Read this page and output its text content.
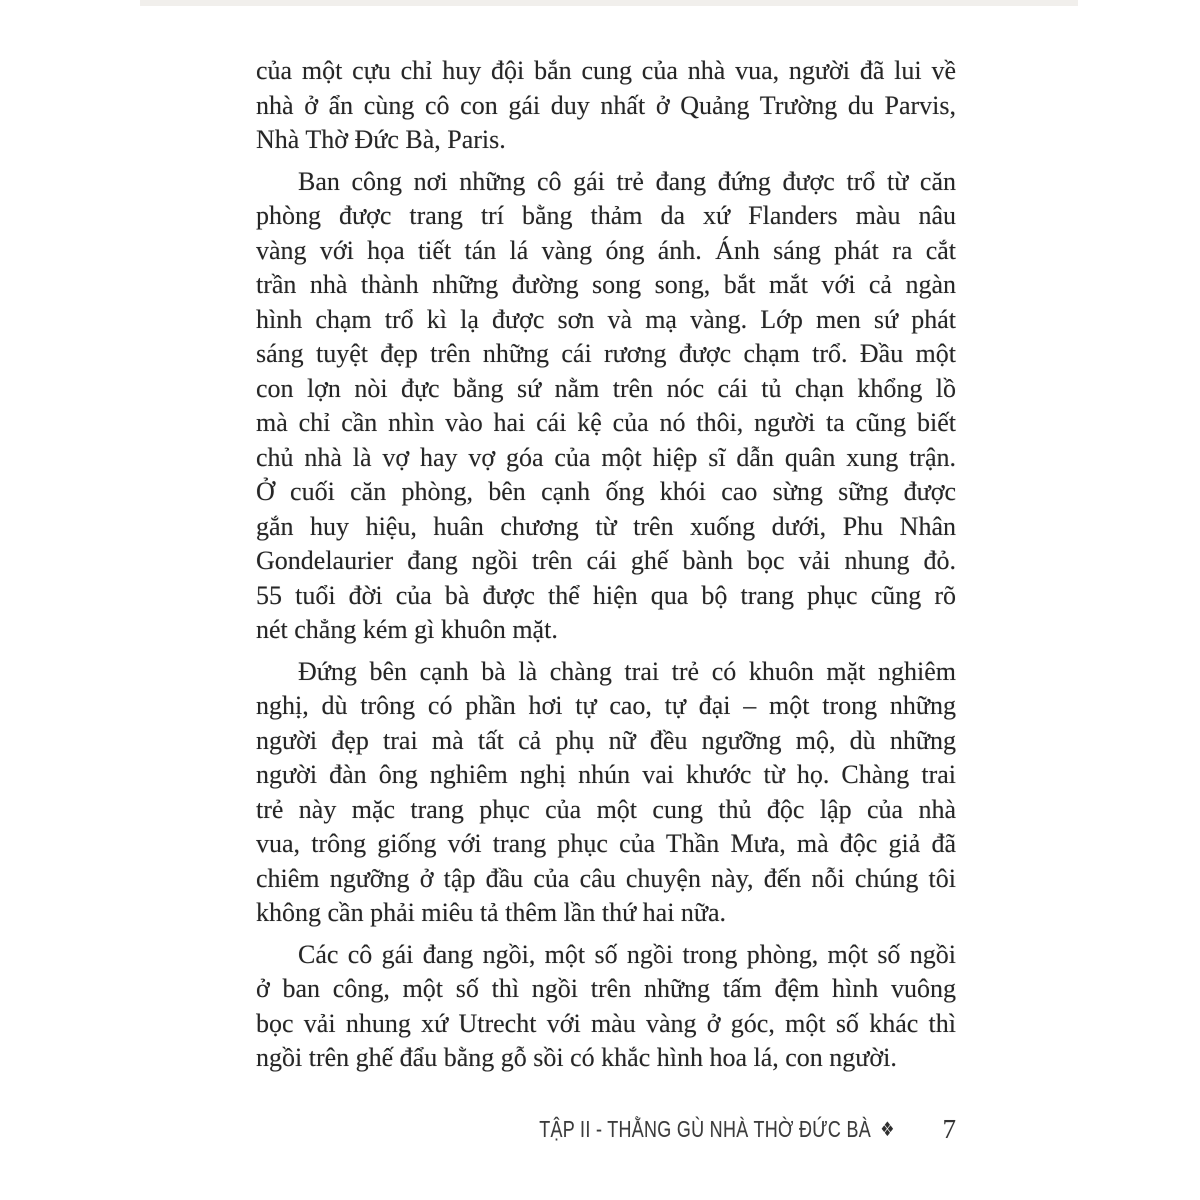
của một cựu chỉ huy đội bắn cung của nhà vua, người đã lui về
nhà ở ẩn cùng cô con gái duy nhất ở Quảng Trường du Parvis,
Nhà Thờ Đức Bà, Paris.
Ban công nơi những cô gái trẻ đang đứng được trổ từ căn
phòng được trang trí bằng thảm da xứ Flanders màu nâu
vàng với họa tiết tán lá vàng óng ánh. Ánh sáng phát ra cắt
trần nhà thành những đường song song, bắt mắt với cả ngàn
hình chạm trổ kì lạ được sơn và mạ vàng. Lớp men sứ phát
sáng tuyệt đẹp trên những cái rương được chạm trổ. Đầu một
con lợn nòi đực bằng sứ nằm trên nóc cái tủ chạn khổng lồ
mà chỉ cần nhìn vào hai cái kệ của nó thôi, người ta cũng biết
chủ nhà là vợ hay vợ góa của một hiệp sĩ dẫn quân xung trận.
Ở cuối căn phòng, bên cạnh ống khói cao sừng sững được
gắn huy hiệu, huân chương từ trên xuống dưới, Phu Nhân
Gondelaurier đang ngồi trên cái ghế bành bọc vải nhung đỏ.
55 tuổi đời của bà được thể hiện qua bộ trang phục cũng rõ
nét chẳng kém gì khuôn mặt.
Đứng bên cạnh bà là chàng trai trẻ có khuôn mặt nghiêm
nghị, dù trông có phần hơi tự cao, tự đại – một trong những
người đẹp trai mà tất cả phụ nữ đều ngưỡng mộ, dù những
người đàn ông nghiêm nghị nhún vai khước từ họ. Chàng trai
trẻ này mặc trang phục của một cung thủ độc lập của nhà
vua, trông giống với trang phục của Thần Mưa, mà độc giả đã
chiêm ngưỡng ở tập đầu của câu chuyện này, đến nỗi chúng tôi
không cần phải miêu tả thêm lần thứ hai nữa.
Các cô gái đang ngồi, một số ngồi trong phòng, một số ngồi
ở ban công, một số thì ngồi trên những tấm đệm hình vuông
bọc vải nhung xứ Utrecht với màu vàng ở góc, một số khác thì
ngồi trên ghế đẩu bằng gỗ sồi có khắc hình hoa lá, con người.
TẬP II - THẰNG GÙ NHÀ THỜ ĐỨC BÀ ❖ 7
